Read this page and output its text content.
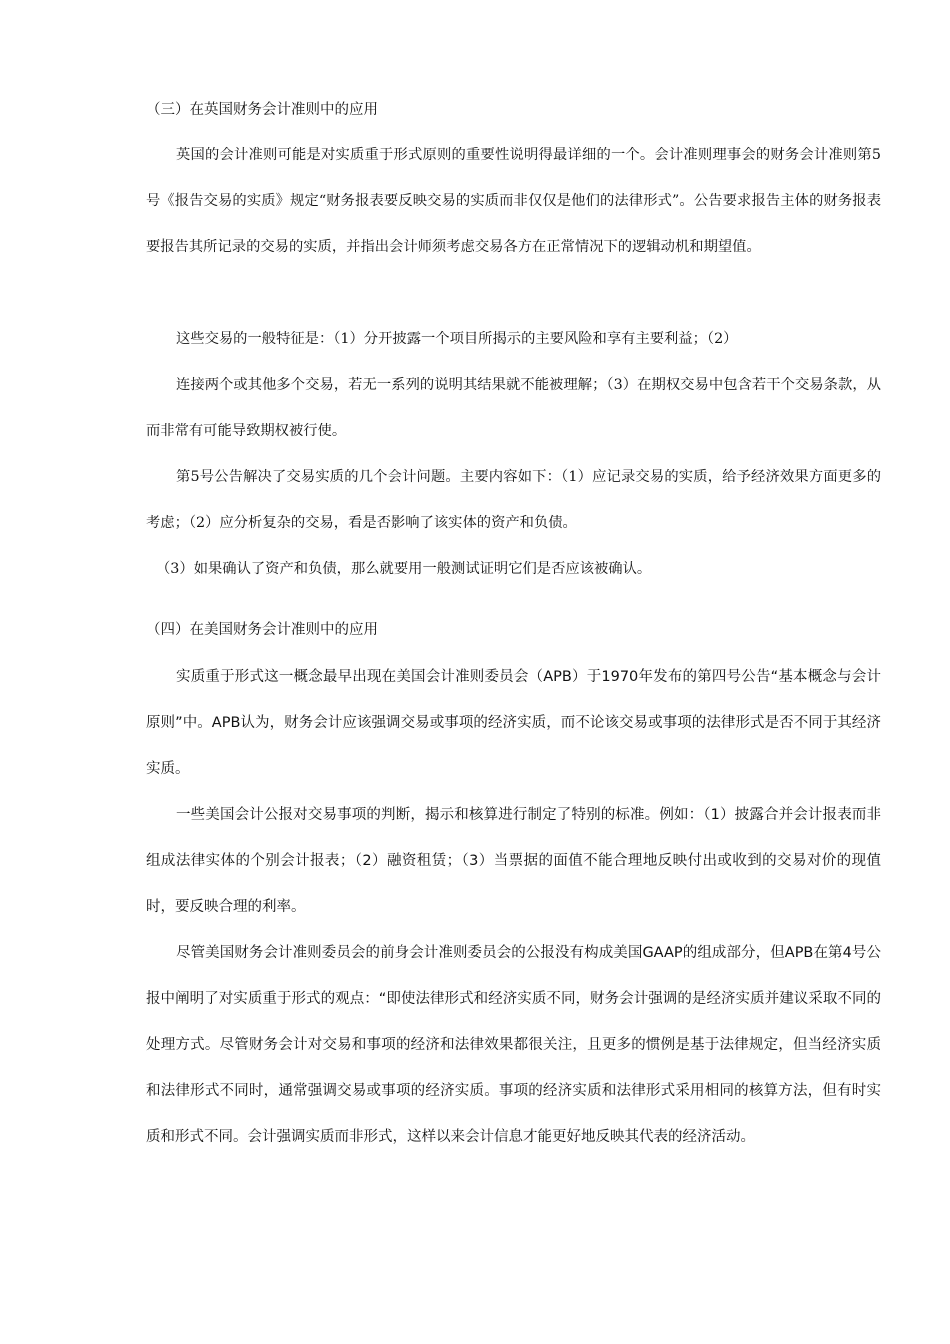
（三）在英国财务会计准则中的应用

英国的会计准则可能是对实质重于形式原则的重要性说明得最详细的一个。会计准则理事会的财务会计准则第5号《报告交易的实质》规定“财务报表要反映交易的实质而非仅仅是他们的法律形式”。公告要求报告主体的财务报表要报告其所记录的交易的实质，并指出会计师须考虑交易各方在正常情况下的逻辑动机和期望值。

这些交易的一般特征是：（1）分开披露一个项目所揭示的主要风险和享有主要利益；（2）

连接两个或其他多个交易，若无一系列的说明其结果就不能被理解；（3）在期权交易中包含若干个交易条款，从而非常有可能导致期权被行使。

第5号公告解决了交易实质的几个会计问题。主要内容如下：（1）应记录交易的实质，给予经济效果方面更多的考虑；（2）应分析复杂的交易，看是否影响了该实体的资产和负债。

（3）如果确认了资产和负债，那么就要用一般测试证明它们是否应该被确认。

（四）在美国财务会计准则中的应用

实质重于形式这一概念最早出现在美国会计准则委员会（APB）于1970年发布的第四号公告“基本概念与会计原则”中。APB认为，财务会计应该强调交易或事项的经济实质，而不论该交易或事项的法律形式是否不同于其经济实质。

一些美国会计公报对交易事项的判断，揭示和核算进行制定了特别的标准。例如：（1）披露合并会计报表而非组成法律实体的个别会计报表；（2）融资租赁；（3）当票据的面值不能合理地反映付出或收到的交易对价的现值时，要反映合理的利率。

尽管美国财务会计准则委员会的前身会计准则委员会的公报没有构成美国GAAP的组成部分，但APB在第4号公报中阐明了对实质重于形式的观点：“即使法律形式和经济实质不同，财务会计强调的是经济实质并建议采取不同的处理方式。尽管财务会计对交易和事项的经济和法律效果都很关注，且更多的惯例是基于法律规定，但当经济实质和法律形式不同时，通常强调交易或事项的经济实质。事项的经济实质和法律形式采用相同的核算方法，但有时实质和形式不同。会计强调实质而非形式，这样以来会计信息才能更好地反映其代表的经济活动。
